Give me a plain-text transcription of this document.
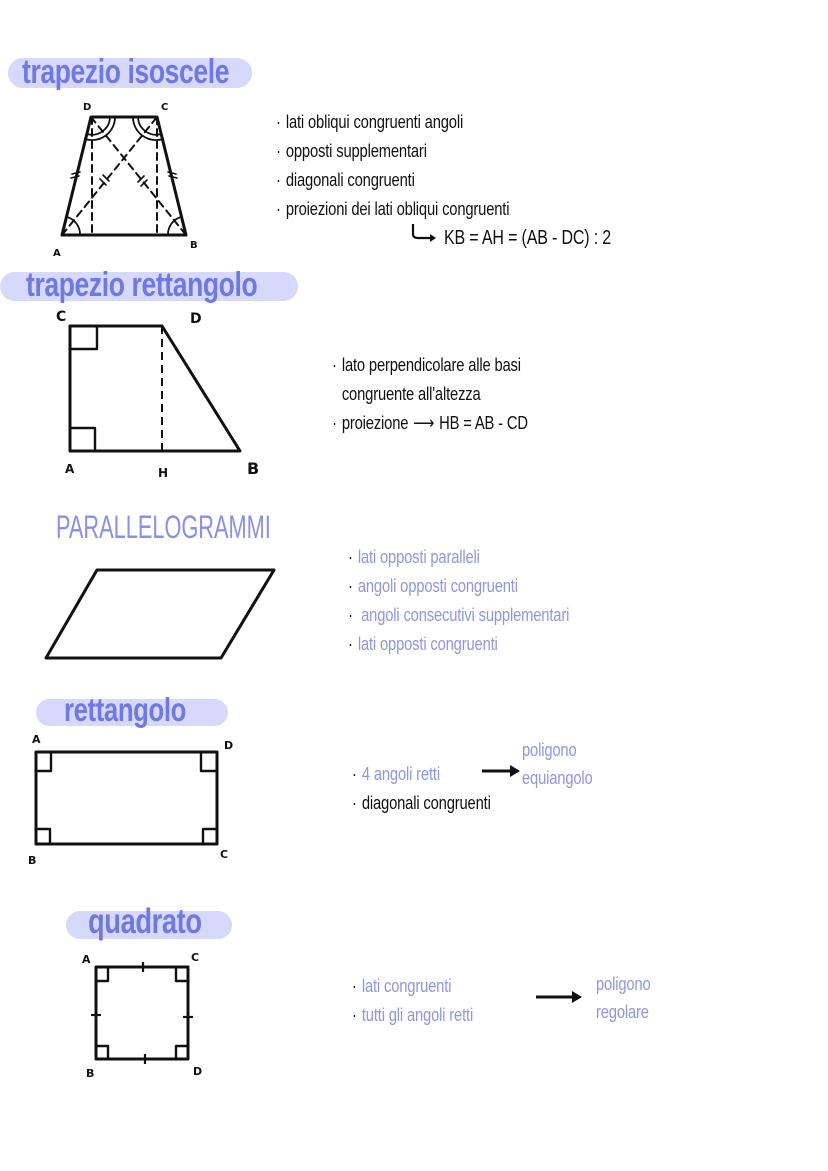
trapezio isoscele
D	C
A
B
· lati obliqui congruenti angoli
· opposti supplementari
· diagonali congruenti
· proiezioni dei lati obliqui congruenti
KB = AH = (AB - DC) : 2
trapezio rettangolo
C	D
A	H	B
· lato perpendicolare alle basi
congruente all'altezza
· proiezione ⟶ HB = AB - CD
PARALLELOGRAMMI
· lati opposti paralleli
· angoli opposti congruenti
· angoli consecutivi supplementari
· lati opposti congruenti
rettangolo
A	D
B	C
· 4 angoli retti
· diagonali congruenti
poligono
equiangolo
quadrato
A	C
B	D
· lati congruenti
· tutti gli angoli retti
poligono
regolare
